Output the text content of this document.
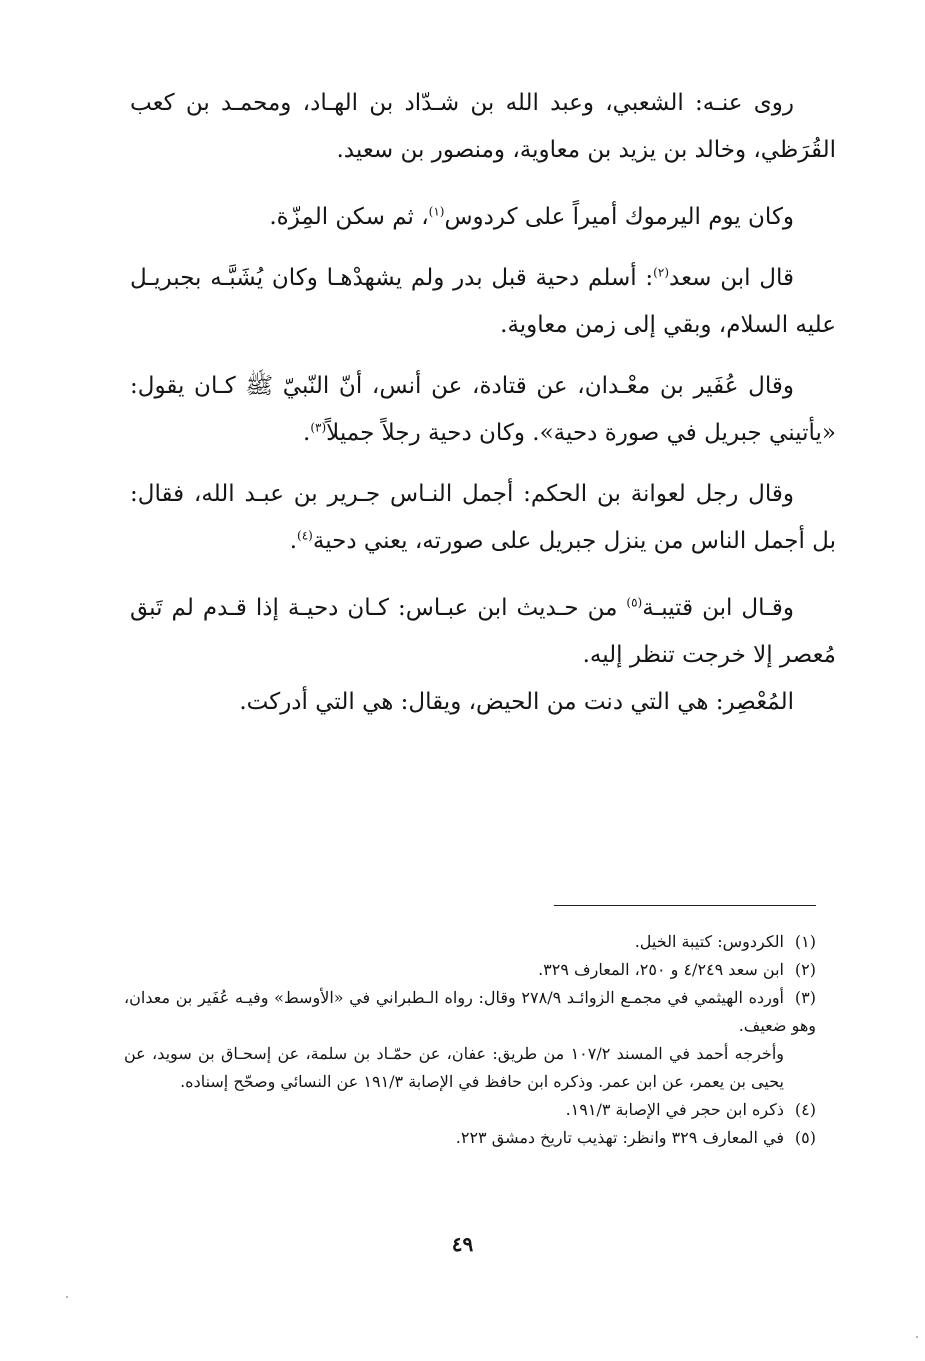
روى عنـه: الشعبي، وعبد الله بن شـدّاد بن الهـاد، ومحمـد بن كعب القُرَظي، وخالد بن يزيد بن معاوية، ومنصور بن سعيد.

وكان يوم اليرموك أميراً على كردوس$^{(١)}$، ثم سكن المِزّة.

قال ابن سعد$^{(٢)}$: أسلم دحية قبل بدر ولم يشهدْهـا وكان يُشَبَّـه بجبريـل عليه السلام، وبقي إلى زمن معاوية.

وقال عُفَير بن معْـدان، عن قتادة، عن أنس، أنّ النّبيّ ﷺ كـان يقول: «يأتيني جبريل في صورة دحية». وكان دحية رجلاً جميلاً$^{(٣)}$.

وقال رجل لعوانة بن الحكم: أجمل النـاس جـرير بن عبـد الله، فقال: بل أجمل الناس من ينزل جبريل على صورته، يعني دحية$^{(٤)}$.

وقـال ابن قتيبـة$^{(٥)}$ من حـديث ابن عبـاس: كـان دحيـة إذا قـدم لم تَبق مُعصر إلا خرجت تنظر إليه.

المُعْصِر: هي التي دنت من الحيض، ويقال: هي التي أدركت.

(١)الكردوس: كتيبة الخيل.

(٢)ابن سعد ٤/٢٤٩ و ٢٥٠، المعارف ٣٢٩.

(٣)أورده الهيثمي في مجمـع الزوائـد ٢٧٨/٩ وقال: رواه الـطبراني في «الأوسط» وفيـه عُفَير بن معدان، وهو ضعيف.

وأخرجه أحمد في المسند ١٠٧/٢ من طريق: عفان، عن حمّـاد بن سلمة، عن إسحـاق بن سويد، عن يحيى بن يعمر، عن ابن عمر. وذكره ابن حافظ في الإصابة ١٩١/٣ عن النسائي وصحّح إسناده.

(٤)ذكره ابن حجر في الإصابة ١٩١/٣.

(٥)في المعارف ٣٢٩ وانظر: تهذيب تاريخ دمشق ٢٢٣.

٤٩
